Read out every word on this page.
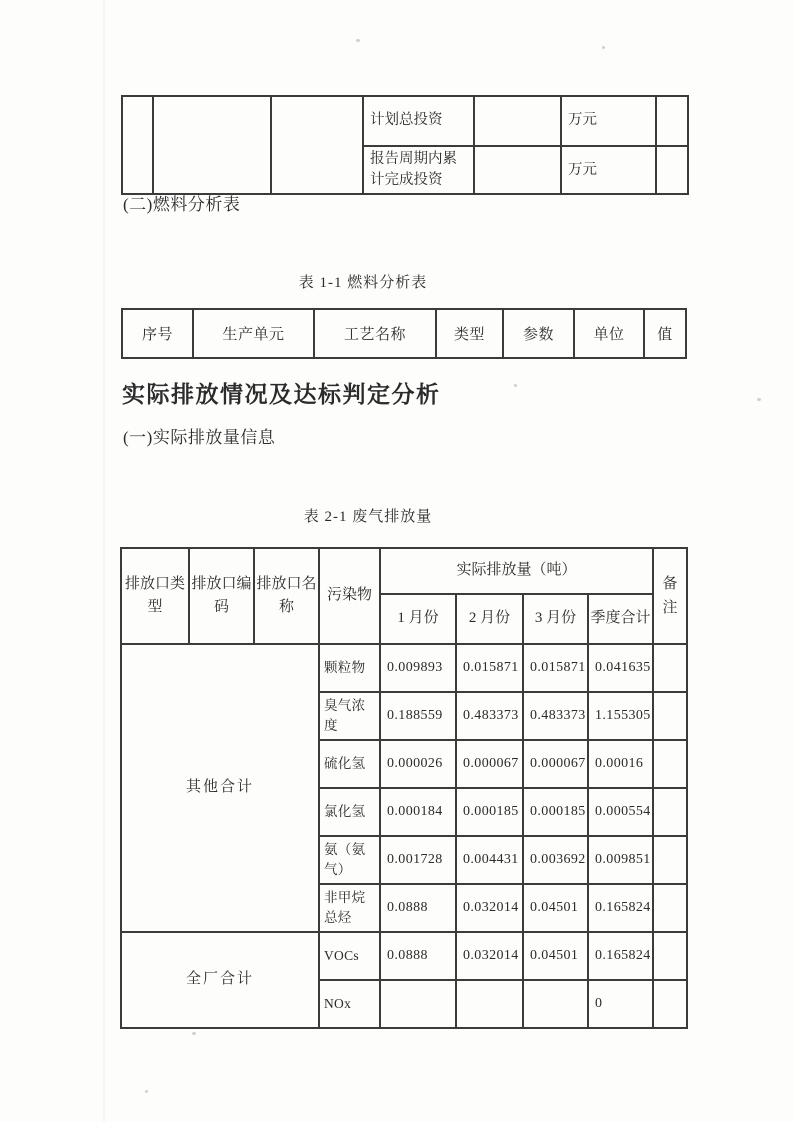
			计划总投资		万元	
			报告周期内累计完成投资		万元	
(二)燃料分析表
表 1-1 燃料分析表
序号	生产单元	工艺名称	类型	参数	单位	值
实际排放情况及达标判定分析
(一)实际排放量信息
表 2-1 废气排放量
排放口类型	排放口编码	排放口名称	污染物	实际排放量（吨）				备注
				1 月份	2 月份	3 月份	季度合计	
其他合计			颗粒物	0.009893	0.015871	0.015871	0.041635	
			臭气浓度	0.188559	0.483373	0.483373	1.155305	
			硫化氢	0.000026	0.000067	0.000067	0.00016	
			氯化氢	0.000184	0.000185	0.000185	0.000554	
			氨（氨气）	0.001728	0.004431	0.003692	0.009851	
			非甲烷总烃	0.0888	0.032014	0.04501	0.165824	
全厂合计			VOCs	0.0888	0.032014	0.04501	0.165824	
			NOx				0	
